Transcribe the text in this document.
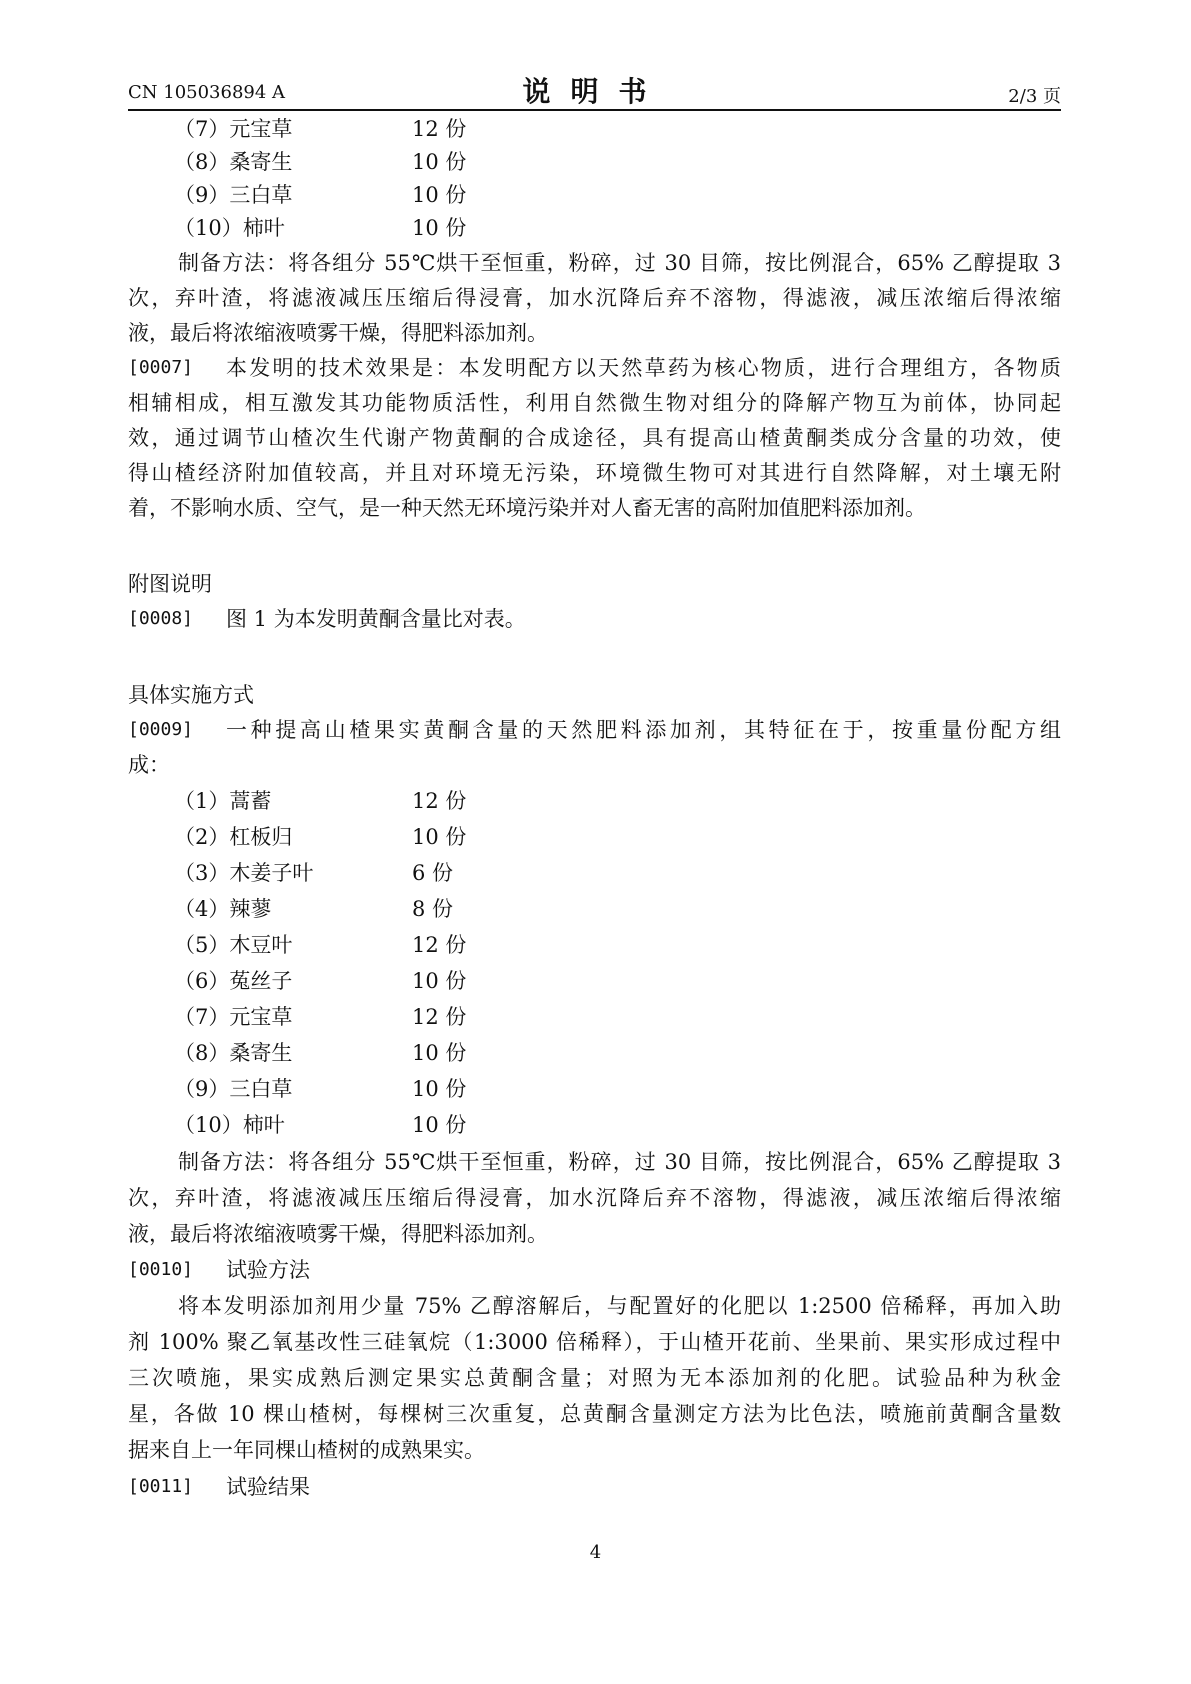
CN 105036894 A	说明书	2/3 页
（7）元宝草	12 份
（8）桑寄生	10 份
（9）三白草	10 份
（10）柿叶	10 份
制备方法：将各组分 55℃烘干至恒重，粉碎，过 30 目筛，按比例混合，65% 乙醇提取 3
次，弃叶渣，将滤液减压压缩后得浸膏，加水沉降后弃不溶物，得滤液，减压浓缩后得浓缩
液，最后将浓缩液喷雾干燥，得肥料添加剂。
[0007] 本发明的技术效果是：本发明配方以天然草药为核心物质，进行合理组方，各物质
相辅相成，相互激发其功能物质活性，利用自然微生物对组分的降解产物互为前体，协同起
效，通过调节山楂次生代谢产物黄酮的合成途径，具有提高山楂黄酮类成分含量的功效，使
得山楂经济附加值较高，并且对环境无污染，环境微生物可对其进行自然降解，对土壤无附
着，不影响水质、空气，是一种天然无环境污染并对人畜无害的高附加值肥料添加剂。
附图说明
[0008] 图 1 为本发明黄酮含量比对表。
具体实施方式
[0009] 一种提高山楂果实黄酮含量的天然肥料添加剂，其特征在于，按重量份配方组
成：
（1）蒿蓄	12 份
（2）杠板归	10 份
（3）木姜子叶	6 份
（4）辣蓼	8 份
（5）木豆叶	12 份
（6）菟丝子	10 份
（7）元宝草	12 份
（8）桑寄生	10 份
（9）三白草	10 份
（10）柿叶	10 份
制备方法：将各组分 55℃烘干至恒重，粉碎，过 30 目筛，按比例混合，65% 乙醇提取 3
次，弃叶渣，将滤液减压压缩后得浸膏，加水沉降后弃不溶物，得滤液，减压浓缩后得浓缩
液，最后将浓缩液喷雾干燥，得肥料添加剂。
[0010] 试验方法
将本发明添加剂用少量 75% 乙醇溶解后，与配置好的化肥以 1:2500 倍稀释，再加入助
剂 100% 聚乙氧基改性三硅氧烷（1:3000 倍稀释），于山楂开花前、坐果前、果实形成过程中
三次喷施，果实成熟后测定果实总黄酮含量；对照为无本添加剂的化肥。试验品种为秋金
星，各做 10 棵山楂树，每棵树三次重复，总黄酮含量测定方法为比色法，喷施前黄酮含量数
据来自上一年同棵山楂树的成熟果实。
[0011] 试验结果
4
